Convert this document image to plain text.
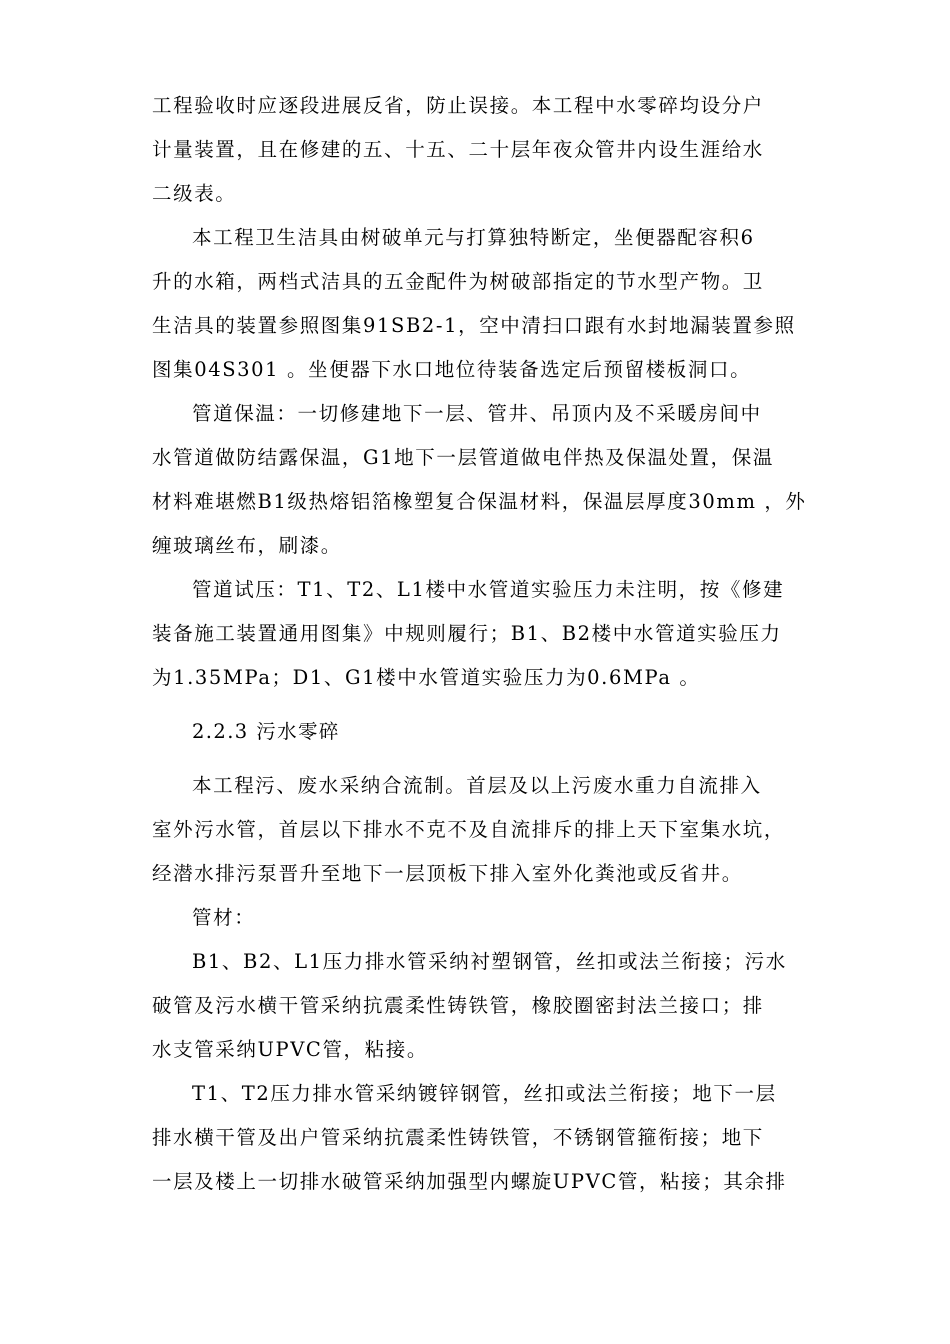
工程验收时应逐段进展反省，防止误接。本工程中水零碎均设分户
计量装置，且在修建的五、十五、二十层年夜众管井内设生涯给水
二级表。

本工程卫生洁具由树破单元与打算独特断定，坐便器配容积6
升的水箱，两档式洁具的五金配件为树破部指定的节水型产物。卫
生洁具的装置参照图集91SB2-1，空中清扫口跟有水封地漏装置参照
图集04S301 。坐便器下水口地位待装备选定后预留楼板洞口。

管道保温：一切修建地下一层、管井、吊顶内及不采暖房间中
水管道做防结露保温，G1地下一层管道做电伴热及保温处置，保温
材料难堪燃B1级热熔铝箔橡塑复合保温材料，保温层厚度30mm ，外
缠玻璃丝布，刷漆。

管道试压：T1、T2、L1楼中水管道实验压力未注明，按《修建
装备施工装置通用图集》中规则履行；B1、B2楼中水管道实验压力
为1.35MPa；D1、G1楼中水管道实验压力为0.6MPa 。

2.2.3 污水零碎

本工程污、废水采纳合流制。首层及以上污废水重力自流排入
室外污水管，首层以下排水不克不及自流排斥的排上天下室集水坑，
经潜水排污泵晋升至地下一层顶板下排入室外化粪池或反省井。

管材：

B1、B2、L1压力排水管采纳衬塑钢管，丝扣或法兰衔接；污水
破管及污水横干管采纳抗震柔性铸铁管，橡胶圈密封法兰接口；排
水支管采纳UPVC管，粘接。

T1、T2压力排水管采纳镀锌钢管，丝扣或法兰衔接；地下一层
排水横干管及出户管采纳抗震柔性铸铁管，不锈钢管箍衔接；地下
一层及楼上一切排水破管采纳加强型内螺旋UPVC管，粘接；其余排
